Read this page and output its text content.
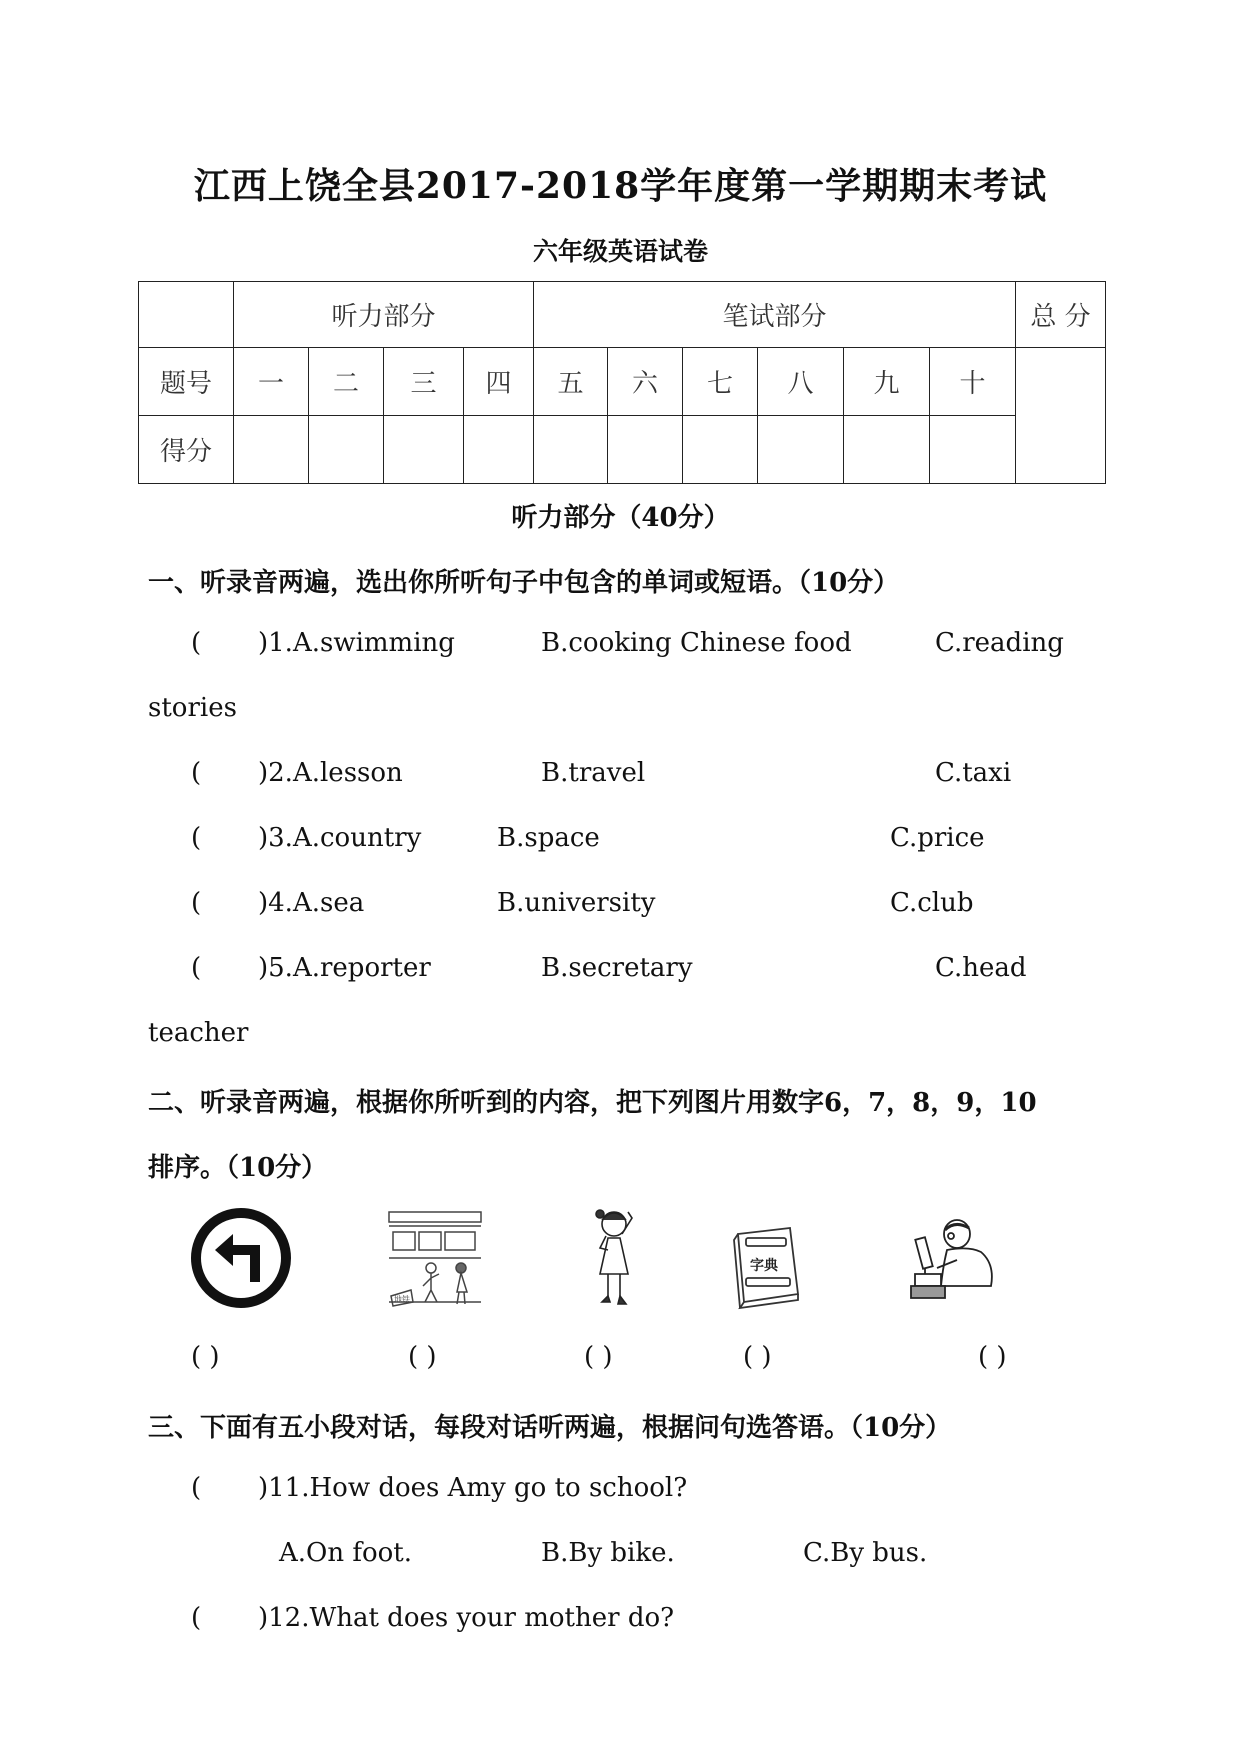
江西上饶全县2017-2018学年度第一学期期末考试
六年级英语试卷
	听力部分				笔试部分						总 分
题号	一	二	三	四	五	六	七	八	九	十	
得分											
听力部分（40分）
一、听录音两遍，选出你所听句子中包含的单词或短语。（10分）
( )1.A.swimming	B.cooking Chinese food	C.reading
stories
( )2.A.lesson	B.travel	C.taxi
( )3.A.country	B.space	C.price
( )4.A.sea	B.university	C.club
( )5.A.reporter	B.secretary	C.head
teacher
二、听录音两遍，根据你所听到的内容，把下列图片用数字6，7，8，9，10
排序。（10分）
地铁
字典
( )	( )	( )	( )	( )
三、下面有五小段对话，每段对话听两遍，根据问句选答语。（10分）
( )11.How does Amy go to school?
A.On foot.	B.By bike.	C.By bus.
( )12.What does your mother do?
